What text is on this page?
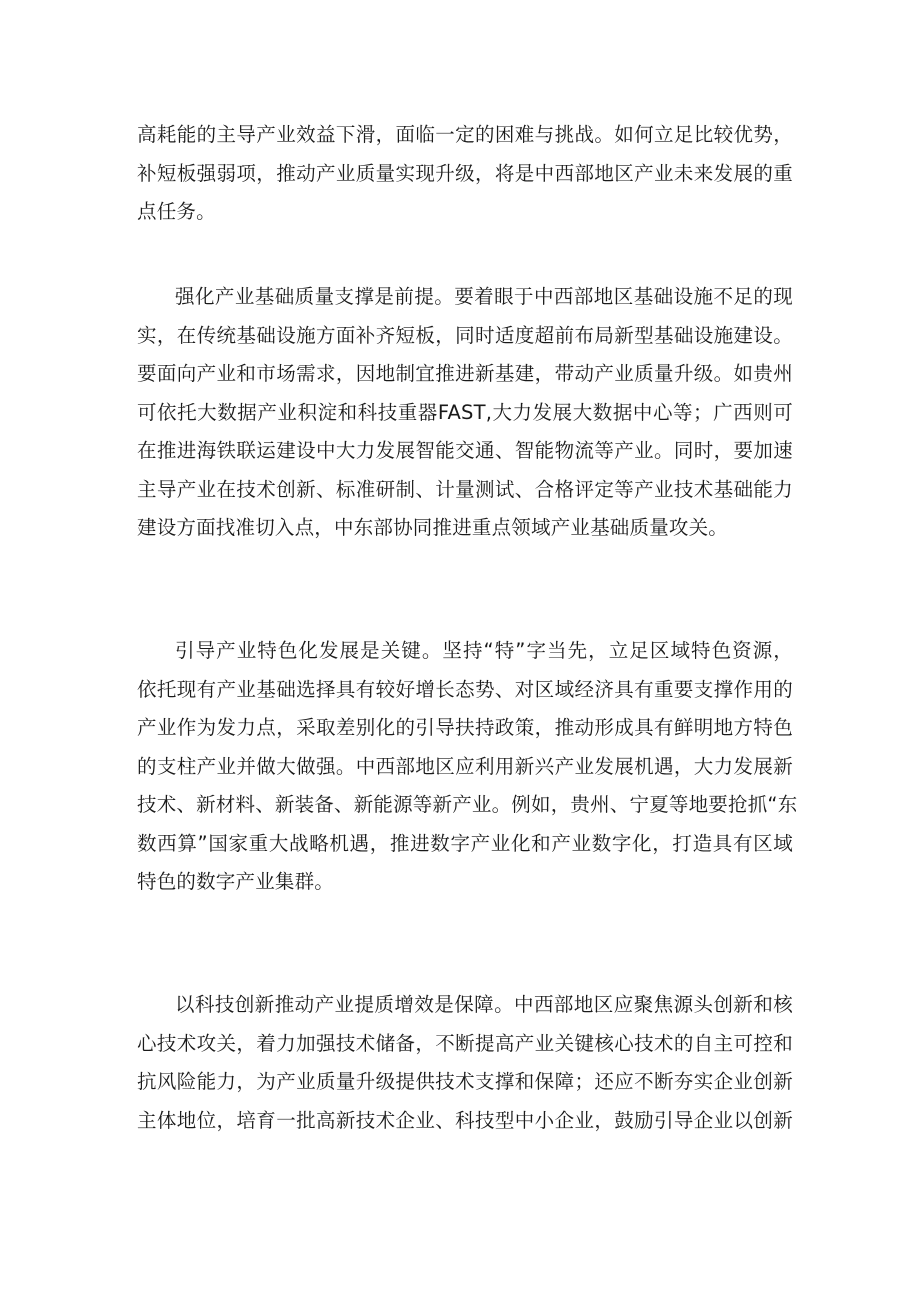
高耗能的主导产业效益下滑，面临一定的困难与挑战。如何立足比较优势，
补短板强弱项，推动产业质量实现升级，将是中西部地区产业未来发展的重
点任务。
强化产业基础质量支撑是前提。要着眼于中西部地区基础设施不足的现
实，在传统基础设施方面补齐短板，同时适度超前布局新型基础设施建设。
要面向产业和市场需求，因地制宜推进新基建，带动产业质量升级。如贵州
可依托大数据产业积淀和科技重器FAST,大力发展大数据中心等；广西则可
在推进海铁联运建设中大力发展智能交通、智能物流等产业。同时，要加速
主导产业在技术创新、标准研制、计量测试、合格评定等产业技术基础能力
建设方面找准切入点，中东部协同推进重点领域产业基础质量攻关。
引导产业特色化发展是关键。坚持“特”字当先，立足区域特色资源，
依托现有产业基础选择具有较好增长态势、对区域经济具有重要支撑作用的
产业作为发力点，采取差别化的引导扶持政策，推动形成具有鲜明地方特色
的支柱产业并做大做强。中西部地区应利用新兴产业发展机遇，大力发展新
技术、新材料、新装备、新能源等新产业。例如，贵州、宁夏等地要抢抓“东
数西算”国家重大战略机遇，推进数字产业化和产业数字化，打造具有区域
特色的数字产业集群。
以科技创新推动产业提质增效是保障。中西部地区应聚焦源头创新和核
心技术攻关，着力加强技术储备，不断提高产业关键核心技术的自主可控和
抗风险能力，为产业质量升级提供技术支撑和保障；还应不断夯实企业创新
主体地位，培育一批高新技术企业、科技型中小企业，鼓励引导企业以创新
